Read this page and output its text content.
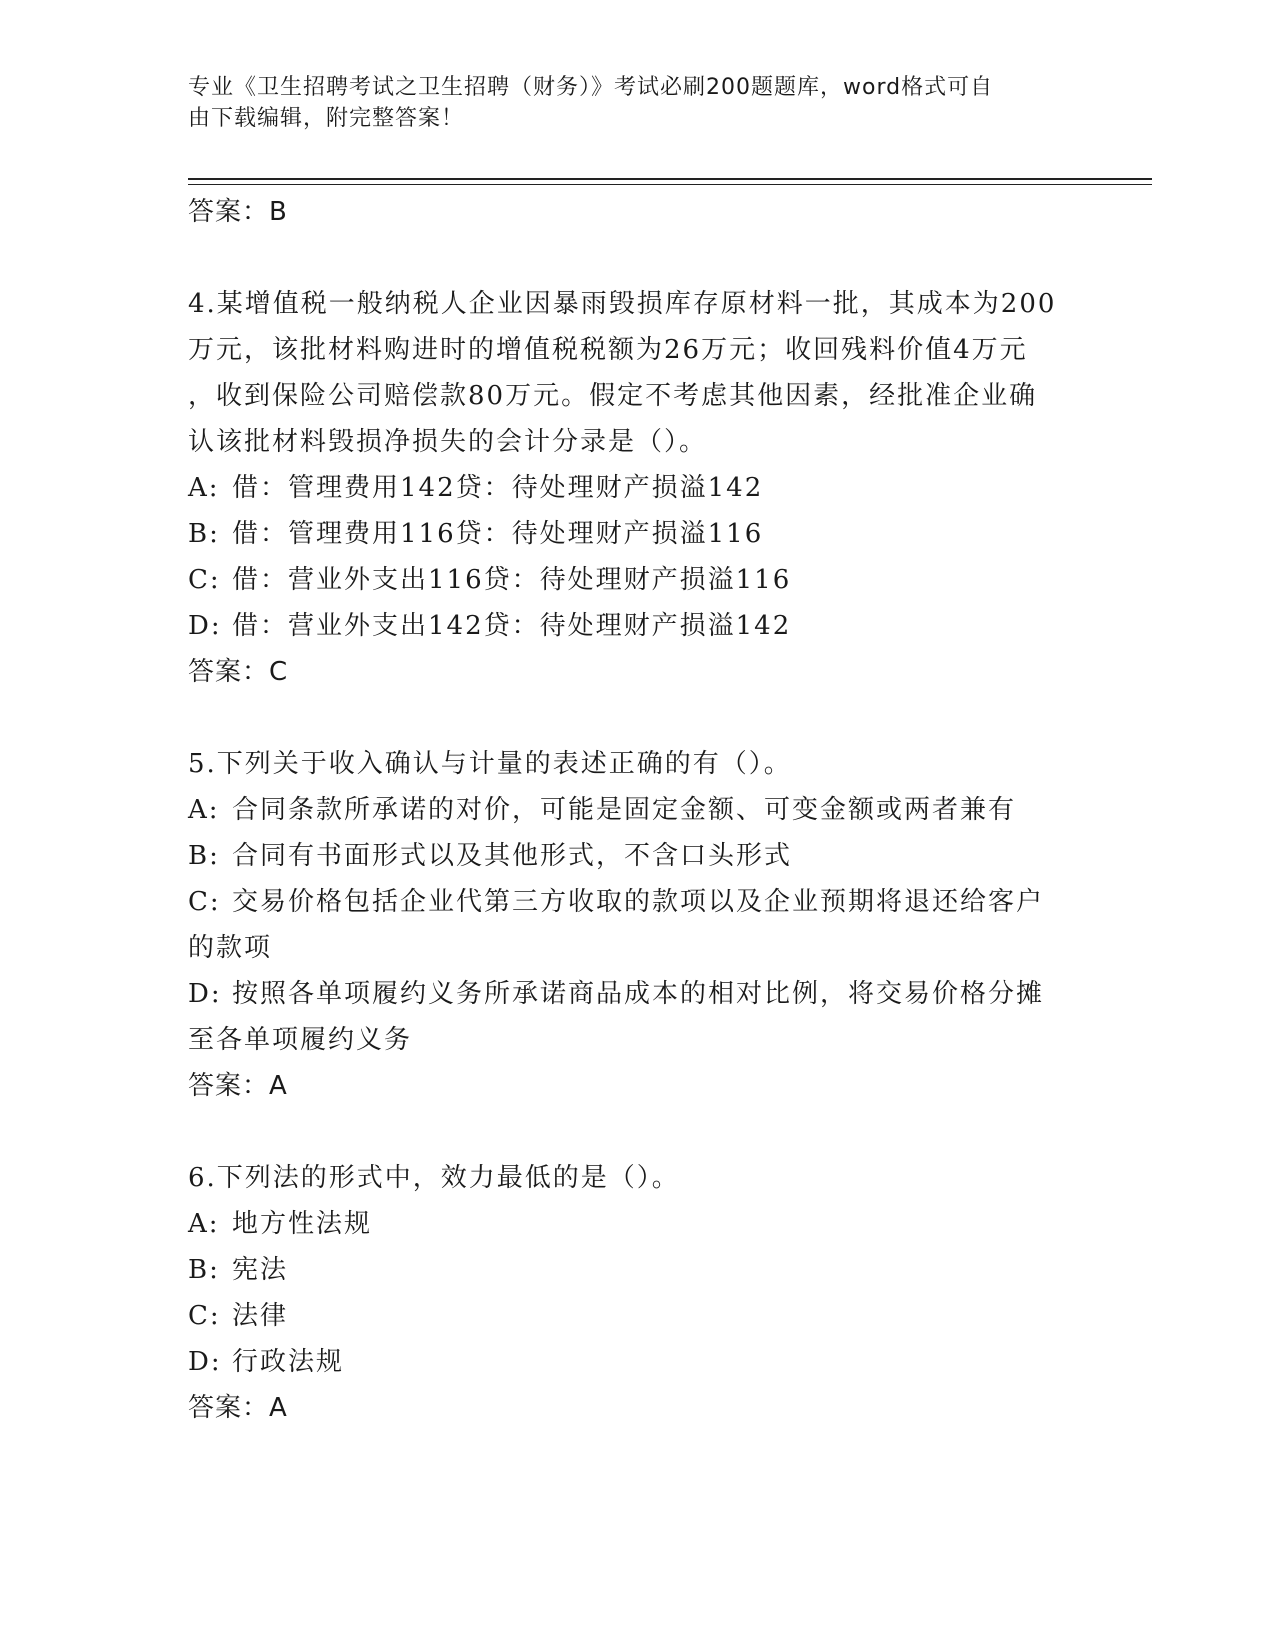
专业《卫生招聘考试之卫生招聘（财务）》考试必刷200题题库，word格式可自
由下载编辑，附完整答案！
答案：B
4.某增值税一般纳税人企业因暴雨毁损库存原材料一批，其成本为200
万元，该批材料购进时的增值税税额为26万元；收回残料价值4万元
，收到保险公司赔偿款80万元。假定不考虑其他因素，经批准企业确
认该批材料毁损净损失的会计分录是（）。
A: 借：管理费用142贷：待处理财产损溢142
B: 借：管理费用116贷：待处理财产损溢116
C: 借：营业外支出116贷：待处理财产损溢116
D: 借：营业外支出142贷：待处理财产损溢142
答案：C
5.下列关于收入确认与计量的表述正确的有（）。
A: 合同条款所承诺的对价，可能是固定金额、可变金额或两者兼有
B: 合同有书面形式以及其他形式，不含口头形式
C: 交易价格包括企业代第三方收取的款项以及企业预期将退还给客户
的款项
D: 按照各单项履约义务所承诺商品成本的相对比例，将交易价格分摊
至各单项履约义务
答案：A
6.下列法的形式中，效力最低的是（）。
A: 地方性法规
B: 宪法
C: 法律
D: 行政法规
答案：A
